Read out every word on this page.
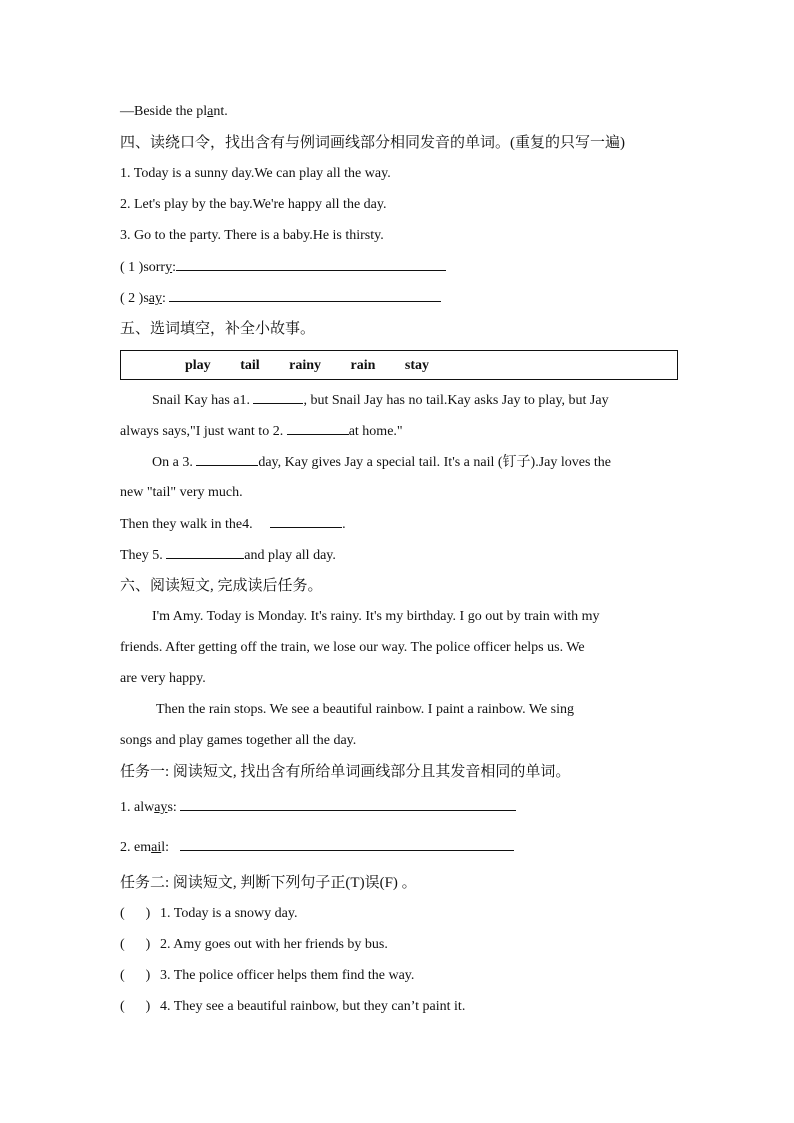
—Beside the plant.
四、读绕口令，找出含有与例词画线部分相同发音的单词。(重复的只写一遍)
1. Today is a sunny day.We can play all the way.
2. Let's play by the bay.We're happy all the day.
3. Go to the party. There is a baby.He is thirsty.
( 1 )sorry:
( 2 )say:
五、选词填空，补全小故事。
play tail rainy rain stay
Snail Kay has a1.	, but Snail Jay has no tail.Kay asks Jay to play, but Jay
always says,"I just want to 2.	at home."
On a 3.	day, Kay gives Jay a special tail. It's a nail (钉子).Jay loves the
new "tail" very much.
Then they walk in the4.	.
They 5.	and play all day.
六、阅读短文, 完成读后任务。
I'm Amy. Today is Monday. It's rainy. It's my birthday. I go out by train with my
friends. After getting off the train, we lose our way. The police officer helps us. We
are very happy.
Then the rain stops. We see a beautiful rainbow. I paint a rainbow. We sing
songs and play games together all the day.
任务一: 阅读短文, 找出含有所给单词画线部分且其发音相同的单词。
1. always:
2. email:
任务二: 阅读短文, 判断下列句子正(T)误(F) 。
( ) 1. Today is a snowy day.
( ) 2. Amy goes out with her friends by bus.
( ) 3. The police officer helps them find the way.
( ) 4. They see a beautiful rainbow, but they can’t paint it.
